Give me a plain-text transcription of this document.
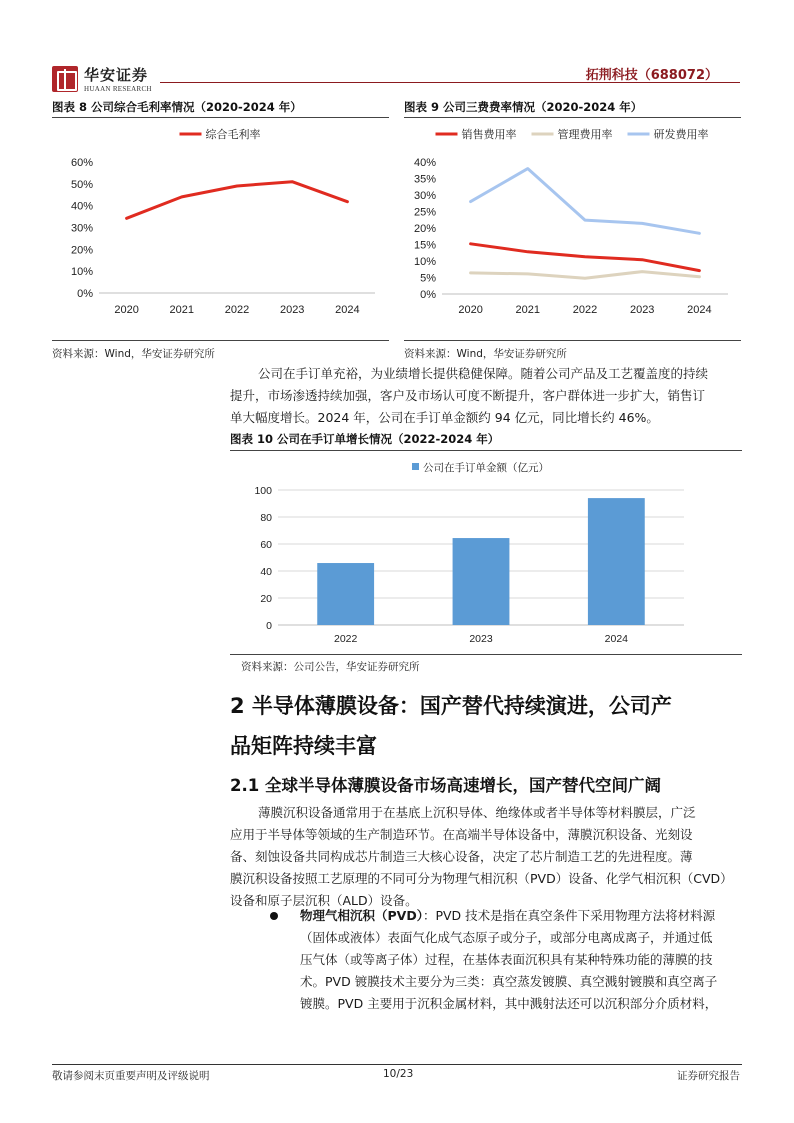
华安证券
HUAAN RESEARCH
拓荆科技（688072）
图表 8 公司综合毛利率情况（2020-2024 年）
0%
10%
20%
30%
40%
50%
60%
2020	2021	2022	2023	2024
综合毛利率
资料来源：Wind，华安证券研究所
图表 9 公司三费费率情况（2020-2024 年）
0%
5%
10%
15%
20%
25%
30%
35%
40%
2020	2021	2022	2023	2024
销售费用率	管理费用率	研发费用率
资料来源：Wind，华安证券研究所
公司在手订单充裕，为业绩增长提供稳健保障。随着公司产品及工艺覆盖度的持续
提升，市场渗透持续加强，客户及市场认可度不断提升，客户群体进一步扩大，销售订
单大幅度增长。2024 年，公司在手订单金额约 94 亿元，同比增长约 46%。
图表 10 公司在手订单增长情况（2022-2024 年）
0
20
40
60
80
100
2022	2023	2024
公司在手订单金额（亿元）
资料来源：公司公告，华安证券研究所
2 半导体薄膜设备：国产替代持续演进，公司产
品矩阵持续丰富
2.1 全球半导体薄膜设备市场高速增长，国产替代空间广阔
薄膜沉积设备通常用于在基底上沉积导体、绝缘体或者半导体等材料膜层，广泛
应用于半导体等领域的生产制造环节。在高端半导体设备中，薄膜沉积设备、光刻设
备、刻蚀设备共同构成芯片制造三大核心设备，决定了芯片制造工艺的先进程度。薄
膜沉积设备按照工艺原理的不同可分为物理气相沉积（PVD）设备、化学气相沉积（CVD）
设备和原子层沉积（ALD）设备。
物理气相沉积（PVD）：PVD 技术是指在真空条件下采用物理方法将材料源
（固体或液体）表面气化成气态原子或分子，或部分电离成离子，并通过低
压气体（或等离子体）过程，在基体表面沉积具有某种特殊功能的薄膜的技
术。PVD 镀膜技术主要分为三类：真空蒸发镀膜、真空溅射镀膜和真空离子
镀膜。PVD 主要用于沉积金属材料，其中溅射法还可以沉积部分介质材料，
敬请参阅末页重要声明及评级说明	10/23	证券研究报告
